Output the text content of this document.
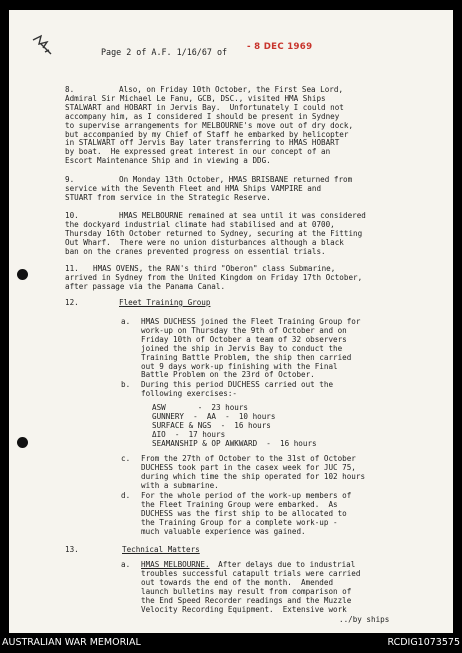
Page 2 of A.F. 1/16/67 of - 8 DEC 1969
8.	Also, on Friday 10th October, the First Sea Lord,
Admiral Sir Michael Le Fanu, GCB, DSC., visited HMA Ships
STALWART and HOBART in Jervis Bay.  Unfortunately I could not
accompany him, as I considered I should be present in Sydney
to supervise arrangements for MELBOURNE's move out of dry dock,
but accompanied by my Chief of Staff he embarked by helicopter
in STALWART off Jervis Bay later transferring to HMAS HOBART
by boat.  He expressed great interest in our concept of an
Escort Maintenance Ship and in viewing a DDG.
9.	On Monday 13th October, HMAS BRISBANE returned from
service with the Seventh Fleet and HMA Ships VAMPIRE and
STUART from service in the Strategic Reserve.
10.	HMAS MELBOURNE remained at sea until it was considered
the dockyard industrial climate had stabilised and at 0700,
Thursday 16th October returned to Sydney, securing at the Fitting
Out Wharf.  There were no union disturbances although a black
ban on the cranes prevented progress on essential trials.
11. HMAS OVENS, the RAN's third "Oberon" class Submarine,
arrived in Sydney from the United Kingdom on Friday 17th October,
after passage via the Panama Canal.
12.	Fleet Training Group
a. HMAS DUCHESS joined the Fleet Training Group for
work-up on Thursday the 9th of October and on
Friday 10th of October a team of 32 observers
joined the ship in Jervis Bay to conduct the
Training Battle Problem, the ship then carried
out 9 days work-up finishing with the Final
Battle Problem on the 23rd of October.
b. During this period DUCHESS carried out the
following exercises:-
ASW       -  23 hours
GUNNERY  -  AA  -  10 hours
SURFACE & NGS  -  16 hours
ΔIO  -  17 hours
SEAMANSHIP & OP AWKWARD  -  16 hours
c. From the 27th of October to the 31st of October
DUCHESS took part in the casex week for JUC 75,
during which time the ship operated for 102 hours
with a submarine.
d. For the whole period of the work-up members of
the Fleet Training Group were embarked.  As
DUCHESS was the first ship to be allocated to
the Training Group for a complete work-up -
much valuable experience was gained.
13.	Technical Matters
a. HMAS MELBOURNE. After delays due to industrial
troubles successful catapult trials were carried
out towards the end of the month.  Amended
launch bulletins may result from comparison of
the End Speed Recorder readings and the Muzzle
Velocity Recording Equipment.  Extensive work
../by ships
AUSTRALIAN WAR MEMORIAL	RCDIG1073575
